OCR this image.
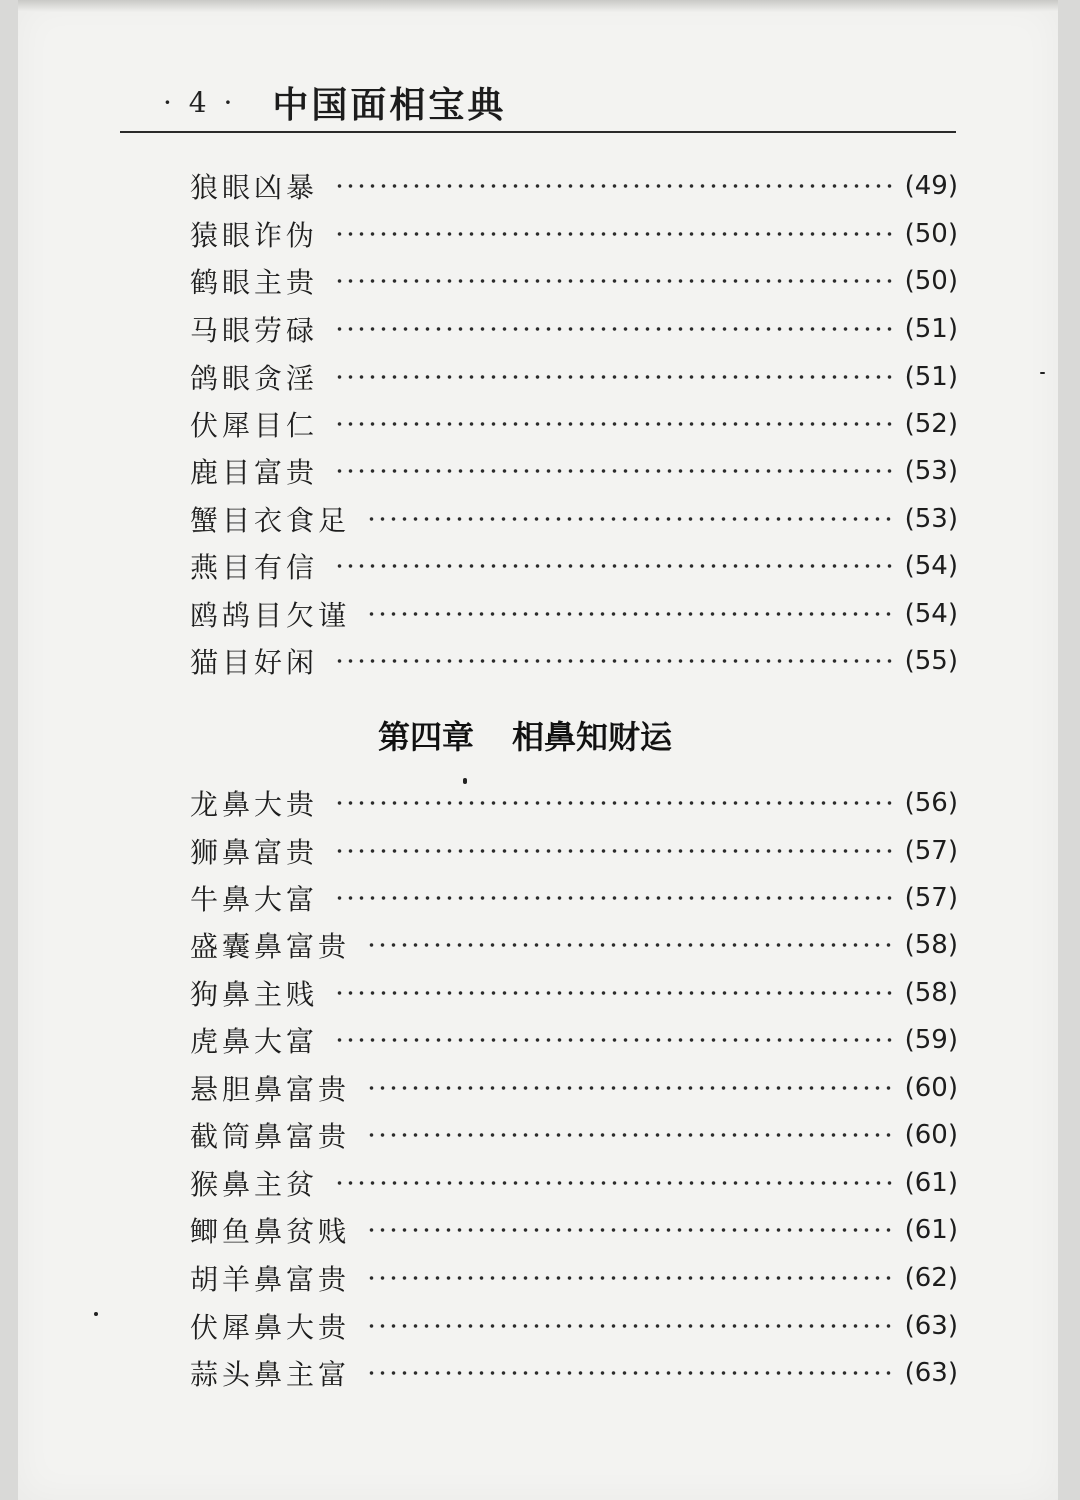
· 4 · 中国面相宝典
狼眼凶暴	(49)
猿眼诈伪	(50)
鹤眼主贵	(50)
马眼劳碌	(51)
鸽眼贪淫	(51)
伏犀目仁	(52)
鹿目富贵	(53)
蟹目衣食足	(53)
燕目有信	(54)
鸥鸪目欠谨	(54)
猫目好闲	(55)
第四章 相鼻知财运
龙鼻大贵	(56)
狮鼻富贵	(57)
牛鼻大富	(57)
盛囊鼻富贵	(58)
狗鼻主贱	(58)
虎鼻大富	(59)
悬胆鼻富贵	(60)
截筒鼻富贵	(60)
猴鼻主贫	(61)
鲫鱼鼻贫贱	(61)
胡羊鼻富贵	(62)
伏犀鼻大贵	(63)
蒜头鼻主富	(63)
